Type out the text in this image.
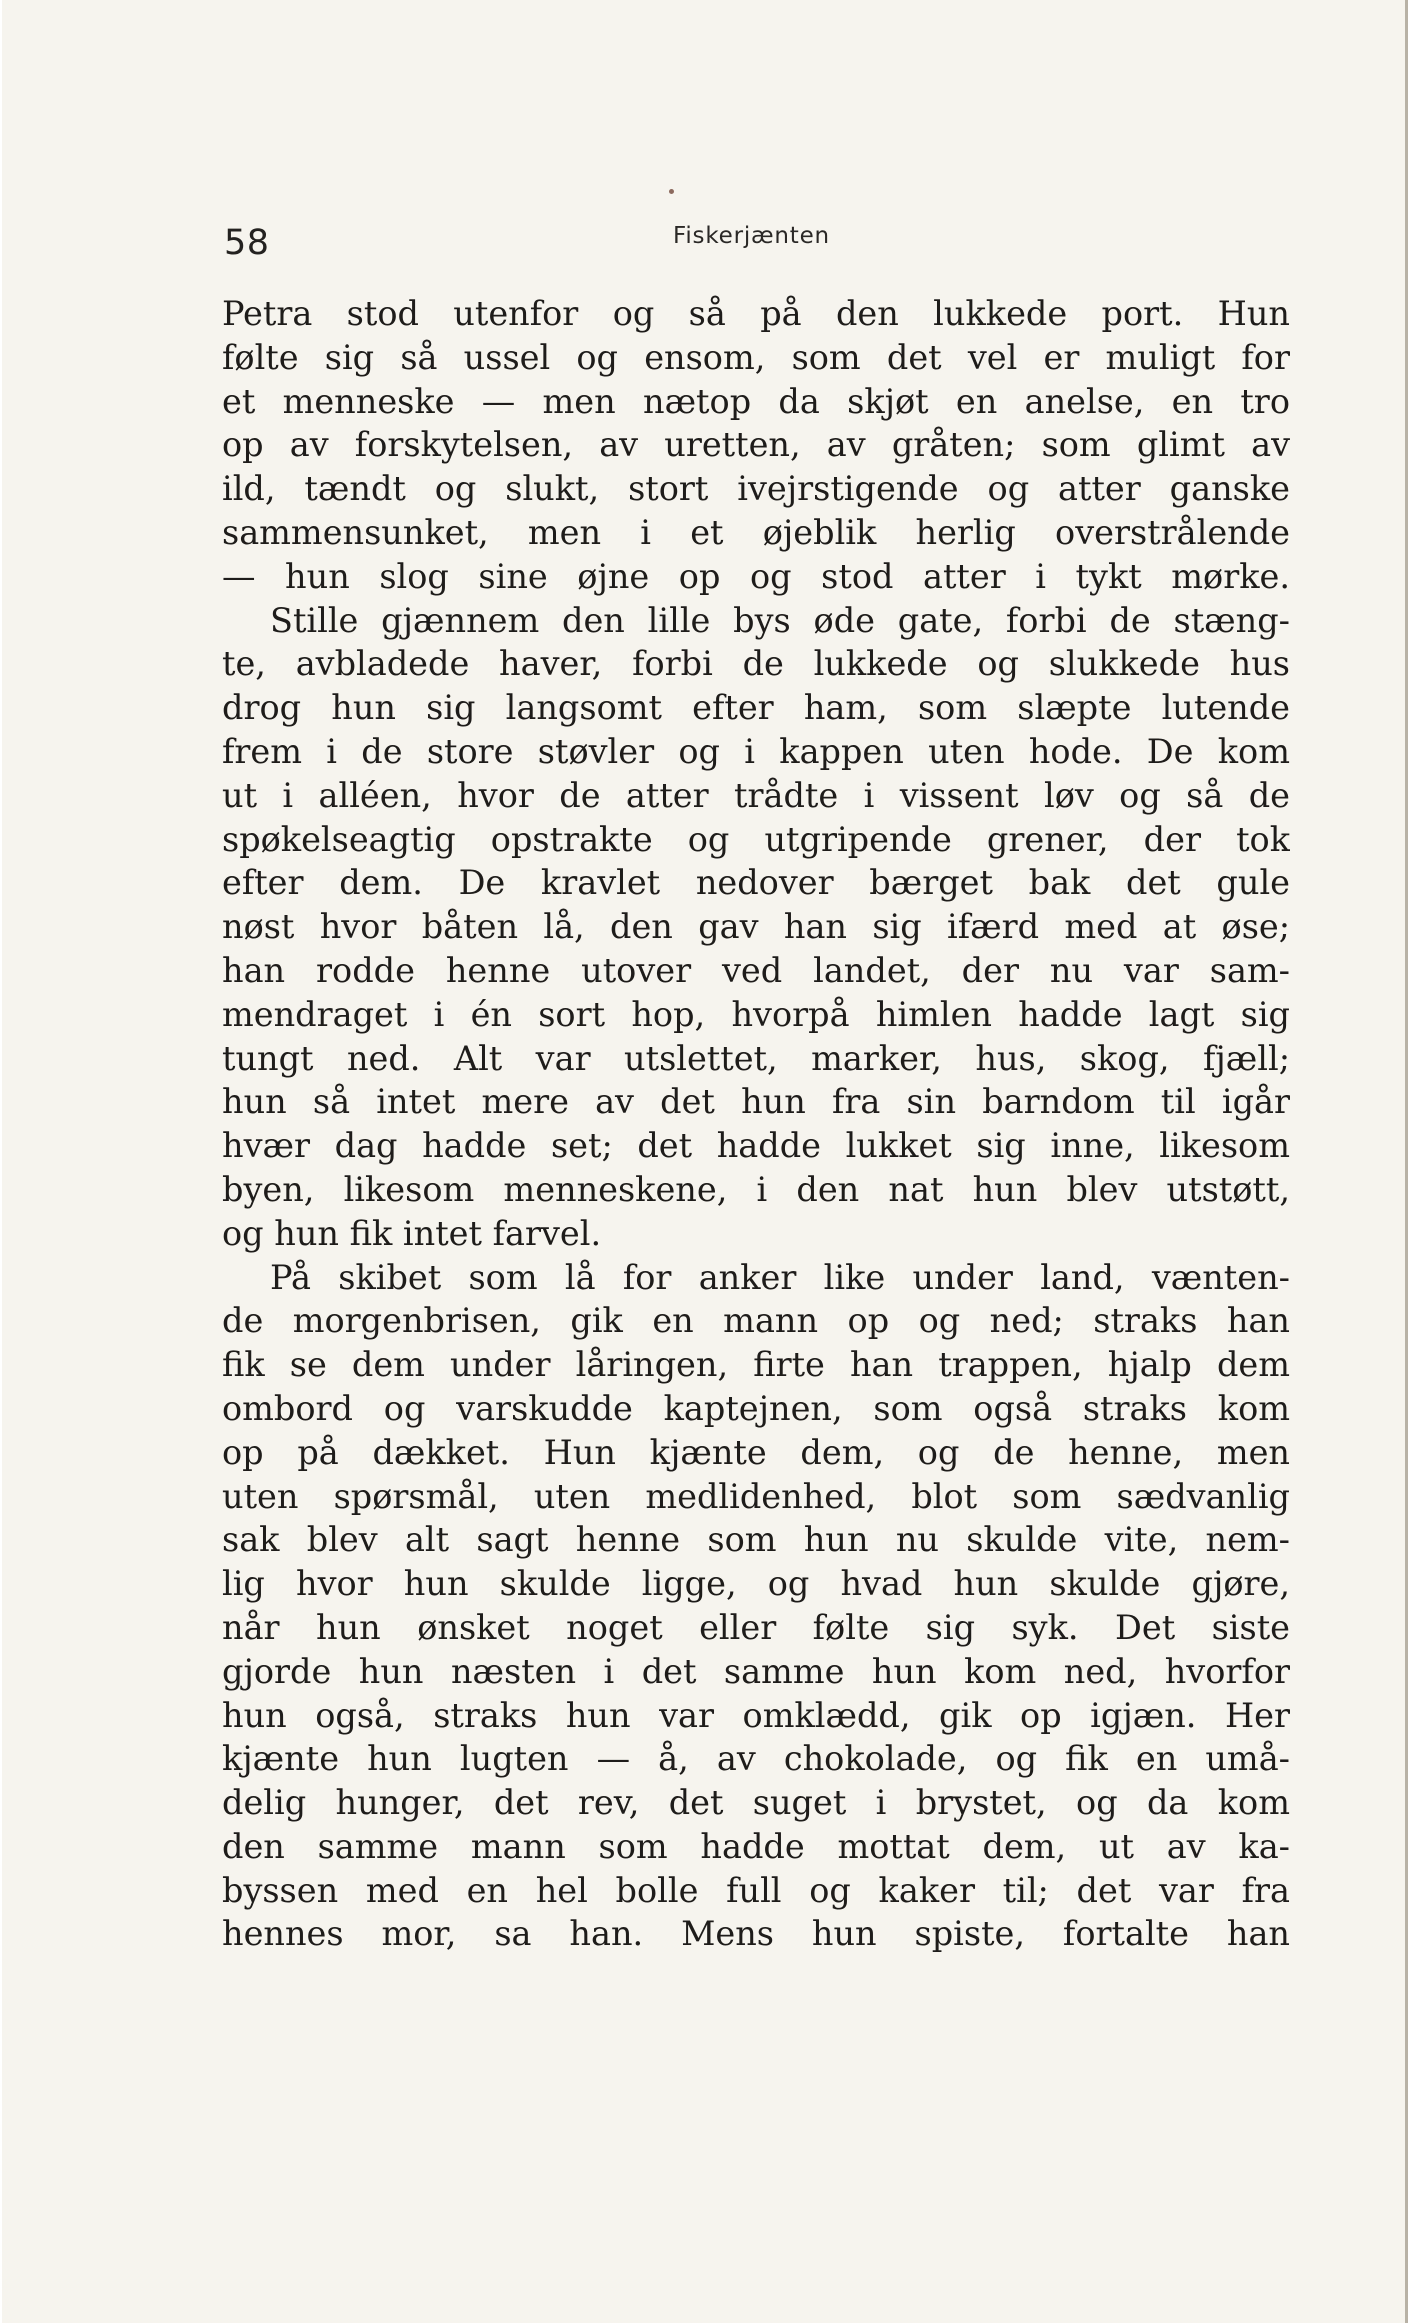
58	Fiskerjænten
Petra stod utenfor og så på den lukkede port. Hun
følte sig så ussel og ensom, som det vel er muligt for
et menneske — men nætop da skjøt en anelse, en tro
op av forskytelsen, av uretten, av gråten; som glimt av
ild, tændt og slukt, stort ivejrstigende og atter ganske
sammensunket, men i et øjeblik herlig overstrålende
— hun slog sine øjne op og stod atter i tykt mørke.
Stille gjænnem den lille bys øde gate, forbi de stæng-
te, avbladede haver, forbi de lukkede og slukkede hus
drog hun sig langsomt efter ham, som slæpte lutende
frem i de store støvler og i kappen uten hode. De kom
ut i alléen, hvor de atter trådte i vissent løv og så de
spøkelseagtig opstrakte og utgripende grener, der tok
efter dem. De kravlet nedover bærget bak det gule
nøst hvor båten lå, den gav han sig ifærd med at øse;
han rodde henne utover ved landet, der nu var sam-
mendraget i én sort hop, hvorpå himlen hadde lagt sig
tungt ned. Alt var utslettet, marker, hus, skog, fjæll;
hun så intet mere av det hun fra sin barndom til igår
hvær dag hadde set; det hadde lukket sig inne, likesom
byen, likesom menneskene, i den nat hun blev utstøtt,
og hun fik intet farvel.
På skibet som lå for anker like under land, vænten-
de morgenbrisen, gik en mann op og ned; straks han
fik se dem under låringen, firte han trappen, hjalp dem
ombord og varskudde kaptejnen, som også straks kom
op på dækket. Hun kjænte dem, og de henne, men
uten spørsmål, uten medlidenhed, blot som sædvanlig
sak blev alt sagt henne som hun nu skulde vite, nem-
lig hvor hun skulde ligge, og hvad hun skulde gjøre,
når hun ønsket noget eller følte sig syk. Det siste
gjorde hun næsten i det samme hun kom ned, hvorfor
hun også, straks hun var omklædd, gik op igjæn. Her
kjænte hun lugten — å, av chokolade, og fik en umå-
delig hunger, det rev, det suget i brystet, og da kom
den samme mann som hadde mottat dem, ut av ka-
byssen med en hel bolle full og kaker til; det var fra
hennes mor, sa han. Mens hun spiste, fortalte han
